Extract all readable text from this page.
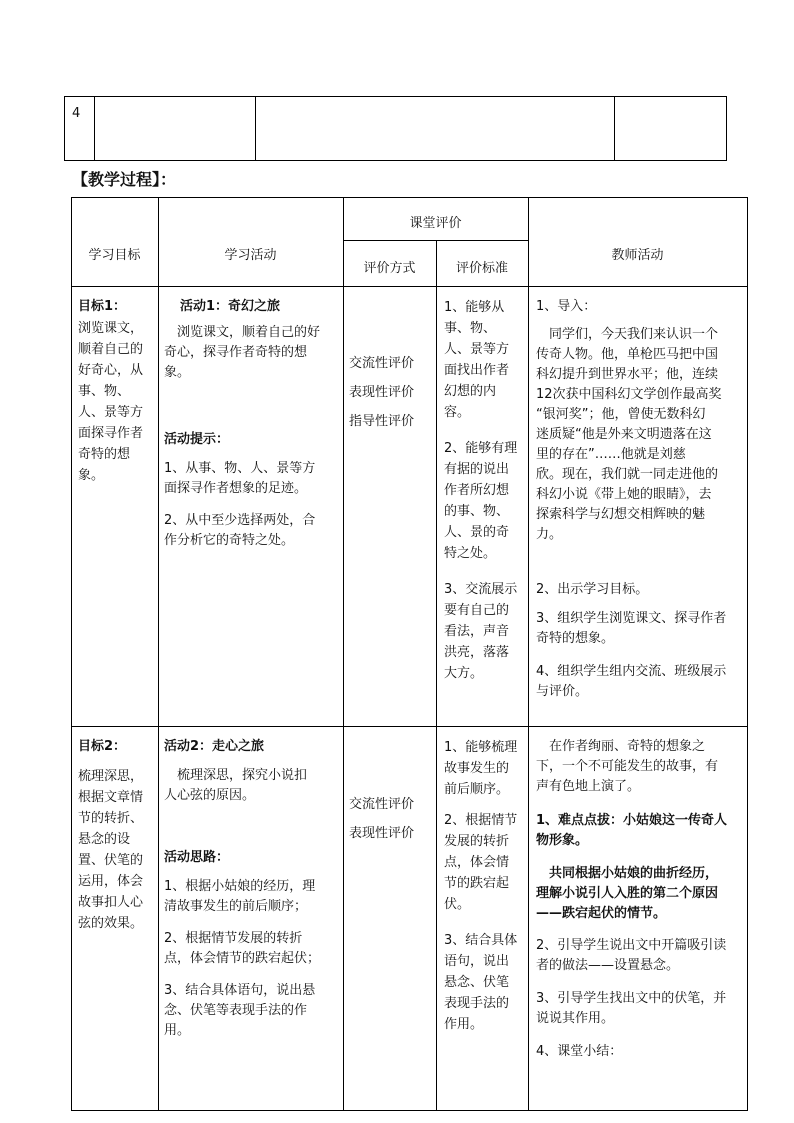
4
【教学过程】：
学习目标	学习活动
课堂评价
评价方式	评价标准
教师活动
目标1：
浏览课文，
顺着自己的
好奇心，从
事、物、
人、景等方
面探寻作者
奇特的想
象。
活动1：奇幻之旅
　浏览课文，顺着自己的好
奇心，探寻作者奇特的想
象。
活动提示：
1、从事、物、人、景等方
面探寻作者想象的足迹。
2、从中至少选择两处，合
作分析它的奇特之处。
交流性评价
表现性评价
指导性评价
1、能够从
事、物、
人、景等方
面找出作者
幻想的内
容。
2、能够有理
有据的说出
作者所幻想
的事、物、
人、景的奇
特之处。
3、交流展示
要有自己的
看法，声音
洪亮，落落
大方。
1、导入：
　同学们，今天我们来认识一个
传奇人物。他，单枪匹马把中国
科幻提升到世界水平；他，连续
12次获中国科幻文学创作最高奖
“银河奖”；他，曾使无数科幻
迷质疑“他是外来文明遗落在这
里的存在”……他就是刘慈
欣。现在，我们就一同走进他的
科幻小说《带上她的眼睛》，去
探索科学与幻想交相辉映的魅
力。
2、出示学习目标。
3、组织学生浏览课文、探寻作者
奇特的想象。
4、组织学生组内交流、班级展示
与评价。
目标2：
梳理深思，
根据文章情
节的转折、
悬念的设
置、伏笔的
运用，体会
故事扣人心
弦的效果。
活动2：走心之旅
　梳理深思，探究小说扣
人心弦的原因。
活动思路：
1、根据小姑娘的经历，理
清故事发生的前后顺序；
2、根据情节发展的转折
点，体会情节的跌宕起伏；
3、结合具体语句，说出悬
念、伏笔等表现手法的作
用。
交流性评价
表现性评价
1、能够梳理
故事发生的
前后顺序。
2、根据情节
发展的转折
点，体会情
节的跌宕起
伏。
3、结合具体
语句，说出
悬念、伏笔
表现手法的
作用。
　在作者绚丽、奇特的想象之
下，一个不可能发生的故事，有
声有色地上演了。
1、难点点拔：小姑娘这一传奇人
物形象。
　共同根据小姑娘的曲折经历，
理解小说引人入胜的第二个原因
——跌宕起伏的情节。
2、引导学生说出文中开篇吸引读
者的做法——设置悬念。
3、引导学生找出文中的伏笔，并
说说其作用。
4、课堂小结：
